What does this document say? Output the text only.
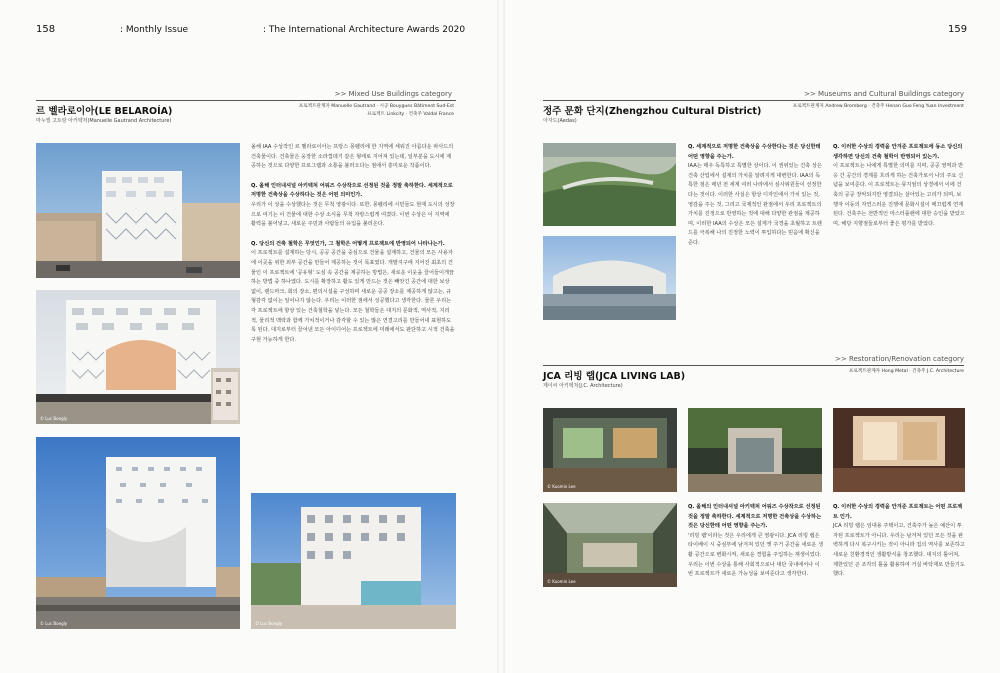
158	: Monthly Issue	: The International Architecture Awards 2020
>> Mixed Use Buildings category
르 벨라로이아(LE BELAROÍA)
마누엘 고트랑 아키텍처(Manuelle Gautrand Architecture)
프로젝트관계자 Manuelle Gautrand · 시공 Bouygues Bâtiment Sud-Est
프로젝트 Linkcity · 건축주 Valdal France
© Luc Boegly
© Luc Boegly	© Luc Boegly

올해 IAA 수상작인 르 벨라로이아는 프랑스 몽펠리에 한 지역에 세워진 아름다운 파사드의 건축물이다. 건축물은 웅장한 소라껍데기 같은 형태로 지어져 있는데, 일부분을 도시에 제공하는 것으로 다양한 프로그램과 소통을 불러오다는 점에서 흥미로운 작품이다.

Q. 올해 인터내셔널 아키텍처 어워즈 수상작으로 선정된 것을 정말 축하한다. 세계적으로 저명한 건축상을 수상하다는 것은 어떤 의미인가.

우리가 이 상을 수상했다는 것은 무척 영광이다. 또한, 몽펠리에 시민들도 현재 도시의 성장으로 여기는 이 건물에 대한 수상 소식을 무척 자랑스럽게 여겼다. 이번 수상은 이 지역에 활력을 불어넣고, 새로운 주민과 사람들의 유입을 불러온다.

Q. 당신의 건축 철학은 무엇인가, 그 철학은 어떻게 프로젝트에 반영되어 나타나는가.

이 프로젝트를 설계하는 당시, 공공 공간을 중심으로 건물을 설계하고, 건물의 모든 사용자에 이곳을 위한 외부 공간을 만들어 제공하는 것이 목표였다. 개발지구에 지어진 최초의 건물인 이 프로젝트에 '공유형' 도심 속 공간을 제공하는 방법은, 새로운 이웃을 끌어들이게끔 하는 방법 중 하나였다. 도시를 확장하고 활도 있게 만드는 것은 빼앗긴 공간에 대한 보상 없이, 랜드마크, 회의 장소, 편의시설을 구성하며 새로운 공공 장소를 제공하게 않고는, 규형감각 없이는 일어나지 않는다. 우리는 이러한 점에서 성공했다고 생각한다. 물론 우리는 각 프로젝트에 항상 있는 건축철학을 넣는다. 모든 철학들은 대지의 문화적, 역사적, 지리적, 물리적 맥락과 함께 가치적이거나 감각할 수 있는 많은 연결고리를 만들어내 표현하도록 된다. 대지로부터 끌어낸 모든 아이디어는 프로젝트에 미래에서도 판단하고 시적 건축을 구현 가능하게 한다.

159
>> Museums and Cultural Buildings category
정주 문화 단지(Zhengzhou Cultural District)
아자드(Aedas)
프로젝트관계자 Andrew Bromberg · 건축주 Henan Guo Feng Yuan Investment

Q. 세계적으로 저명한 건축상을 수상한다는 것은 당신한테 어떤 영향을 주는가.

IAA는 매우 독특하고 특별한 상이다. 이 권위있는 건축 상은 건축 산업에서 설계의 가치를 알려지게 대변한다. IAA의 독특한 점은 매년 전 세계 여러 나라에서 심사위원들이 선정한다는 것이다. 이러한 사실은 항상 디자인에서 가치 있는 것, 영감을 주는 것, 그리고 국제적인 관점에서 우리 프로젝트의 가치를 진정으로 반영하는 것에 대해 다양한 관점을 제공하며, 이러한 IAA의 수상은 모든 설계가 국경을 초월하고 트렌드를 극복해 나의 진정한 노력이 투입하다는 믿음에 확신을 준다.

Q. 이러한 수상의 경력을 안겨준 프로젝트에 동소 당신의 생각하면 당신의 건축 철학이 반영되어 있는가.

이 프로젝트는 나에게 특별한 의미를 지며, 공공 영역과 반응 간 공간의 경계를 흐리게 하는 건축가로서 나의 주요 신념을 보여준다. 이 프로젝트는 뮤지엄의 상경에서 이에 건축의 공공 장악되지만 영결되는 살아있는 고리가 되며, 보행자 이동의 자연스러운 진행에 문화시설이 매끄럽게 연계된다. 건축주는 전반적인 마스터플랜에 대한 승인을 받았으며, 해당 지향점들로부터 좋은 평가를 받았다.

>> Restoration/Renovation category
JCA 리빙 랩(JCA LIVING LAB)
제이씨 아키텍처(J.C. Architecture)
프로젝트관계자 Hong Metal · 건축주 J.C. Architecture
© Kuomin Lee
© Kuomin Lee

Q. 올해의 인터내셔널 아키텍처 어워즈 수상작으로 선정된 것을 정말 축하한다. 세계적으로 저명한 건축상을 수상하는 것은 당신한테 어떤 영향을 주는가.

'리빙 랩'이라는 것은 우리에게 큰 영광이다. JCA 리빙 랩은 타이베이 시 중심부에 남겨져 있던 옛 주거 공간을 새로운 생활 공간으로 변화시켜, 새로운 경험을 주입하는 재생이었다. 우리는 이번 수상을 통해 사회적으로나 대단 국내에서나 이번 프로젝트가 새로운 가능성을 보여준다고 생각한다.

Q. 이러한 수상의 경력을 안겨준 프로젝트는 어떤 프로젝트 인가.

JCA 리빙 랩은 임대용 주택이고, 건축주가 높은 예산이 투자된 프로젝트가 아니다. 우리는 남겨져 있던 모든 것을 완벽하게 다시 복구시키는 것이 아니라 집의 역사를 보존하고 새로운 친환경적인 생활방식을 창조했다. 대지의 틀어져, 제한있던 곤 조각의 틀을 활용하여 거실 바닥재로 만들기도 했다.
